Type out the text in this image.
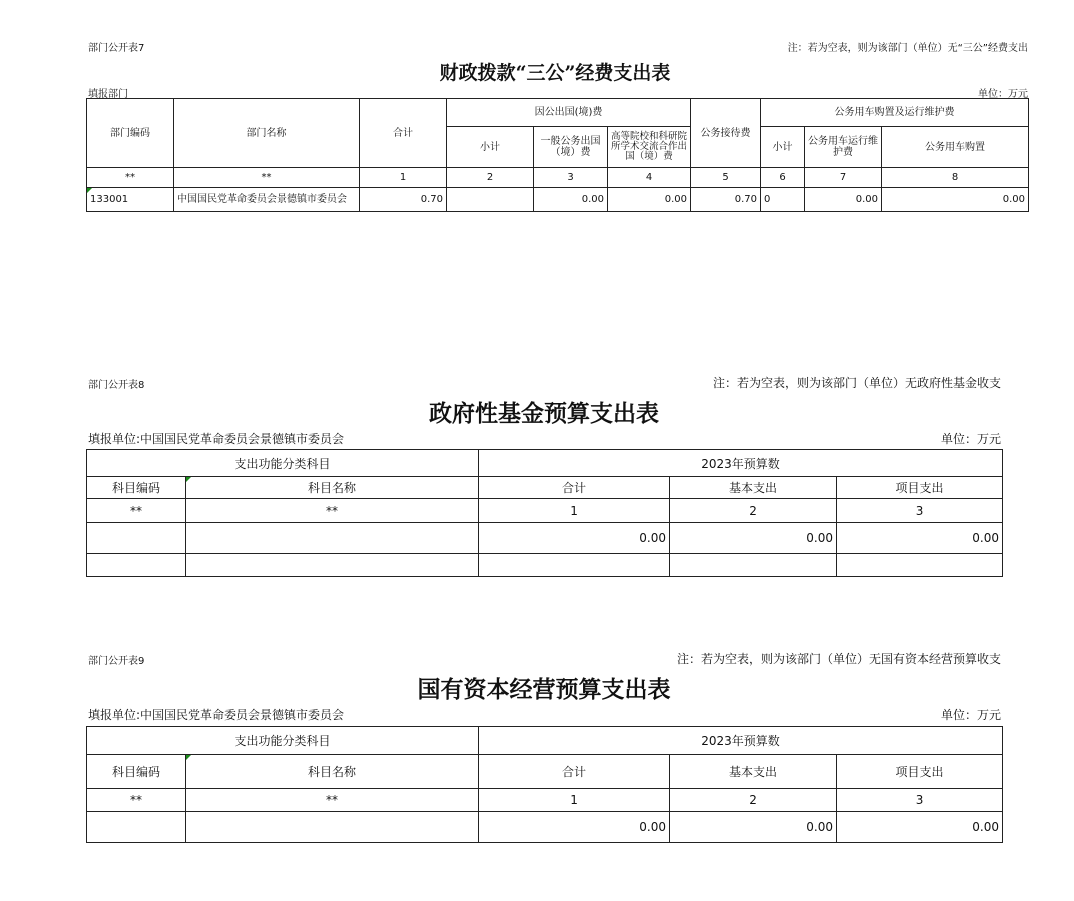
部门公开表7	注：若为空表，则为该部门（单位）无“三公”经费支出
财政拨款“三公”经费支出表
填报部门	单位：万元
部门编码	部门名称	合计	因公出国(境)费			公务接待费	公务用车购置及运行维护费		
			小计	一般公务出国（境）费	高等院校和科研院所学术交流合作出国（境）费		小计	公务用车运行维护费	公务用车购置
**	**	1	2	3	4	5	6	7	8
133001	中国国民党革命委员会景德镇市委员会	0.70		0.00	0.00	0.70	0	0.00	0.00
部门公开表8	注：若为空表，则为该部门（单位）无政府性基金收支
政府性基金预算支出表
填报单位:中国国民党革命委员会景德镇市委员会	单位：万元
支出功能分类科目		2023年预算数		
科目编码	科目名称	合计	基本支出	项目支出
**	**	1	2	3
		0.00	0.00	0.00

部门公开表9	注：若为空表，则为该部门（单位）无国有资本经营预算收支
国有资本经营预算支出表
填报单位:中国国民党革命委员会景德镇市委员会	单位：万元
支出功能分类科目		2023年预算数		
科目编码	科目名称	合计	基本支出	项目支出
**	**	1	2	3
		0.00	0.00	0.00
